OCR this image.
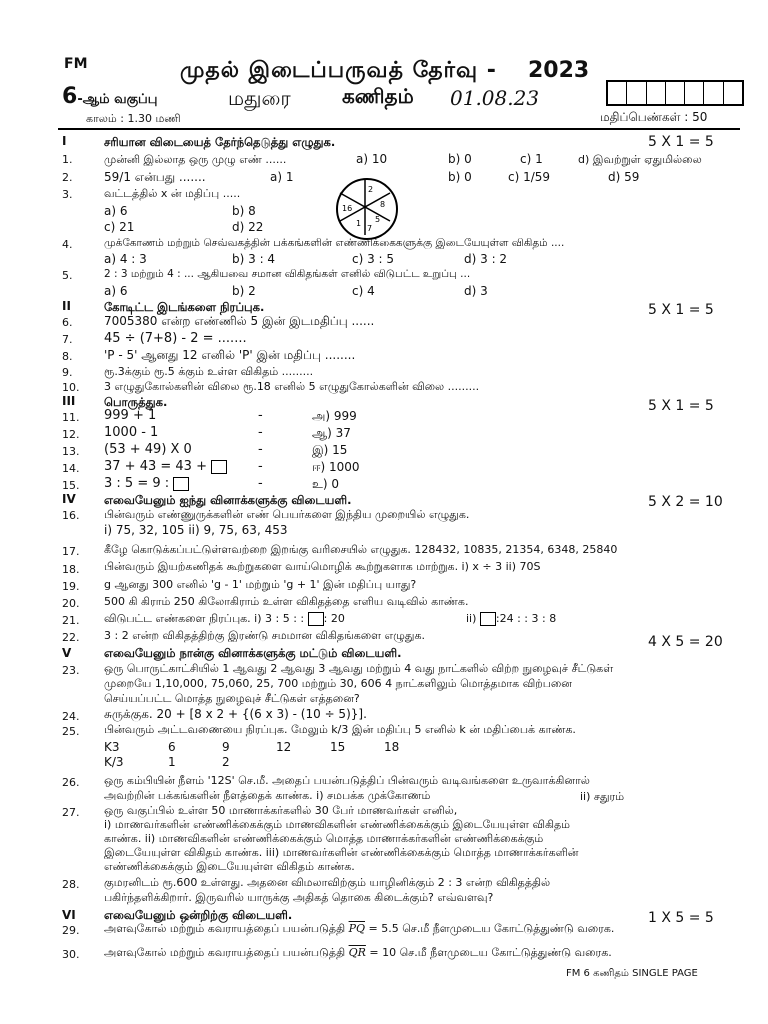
FM	முதல் இடைப்பருவத் தேர்வு - 2023
6-ஆம் வகுப்பு	மதுரை	கணிதம் 01.08.23
காலம் : 1.30 மணி	மதிப்பெண்கள் : 50
I	சரியான விடையைத் தேர்ந்தெடுத்து எழுதுக.	5 X 1 = 5
1.	முன்னி இல்லாத ஒரு முழு எண் ......	a) 10	b) 0	c) 1	d) இவற்றுள் ஏதுமில்லை
2.	59/1 என்பது .......	a) 1	b) 0	c) 1/59	d) 59
3.	வட்டத்தில் x ன் மதிப்பு .....	2
8
5
7
1
16
a) 6	b) 8
c) 21	d) 22
4.	முக்கோணம் மற்றும் செவ்வகத்தின் பக்கங்களின் எண்ணிக்கைகளுக்கு இடையேயுள்ள விகிதம் ....
a) 4 : 3	b) 3 : 4	c) 3 : 5	d) 3 : 2
5.	2 : 3 மற்றும் 4 : ... ஆகியவை சமான விகிதங்கள் எனில் விடுபட்ட உறுப்பு ...
a) 6	b) 2	c) 4	d) 3
II	கோடிட்ட இடங்களை நிரப்புக.	5 X 1 = 5
6.	7005380 என்ற எண்ணில் 5 இன் இடமதிப்பு ......
7. 45 ÷ (7+8) - 2 = .......
8.	'P - 5' ஆனது 12 எனில் 'P' இன் மதிப்பு ........
9.	ரூ.3க்கும் ரூ.5 க்கும் உள்ள விகிதம் .........
10. 3 எழுதுகோல்களின் விலை ரூ.18 எனில் 5 எழுதுகோல்களின் விலை .........
III பொருத்துக.	5 X 1 = 5
11. 999 + 1	-	அ) 999
12. 1000 - 1	-	ஆ) 37
13. (53 + 49) X 0	-	இ) 15
14. 37 + 43 = 43 +	-	ஈ) 1000
15. 3 : 5 = 9 :	-	உ) 0
IV எவையேனும் ஐந்து வினாக்களுக்கு விடையளி.	5 X 2 = 10
16. பின்வரும் எண்ணுருக்களின் எண் பெயர்களை இந்திய முறையில் எழுதுக.
i) 75, 32, 105 ii) 9, 75, 63, 453
17. கீழே கொடுக்கப்பட்டுள்ளவற்றை இறங்கு வரிசையில் எழுதுக. 128432, 10835, 21354, 6348, 25840
18. பின்வரும் இயற்கணிதக் கூற்றுகளை வாய்மொழிக் கூற்றுகளாக மாற்றுக. i) x ÷ 3 ii) 70S
19. g ஆனது 300 எனில் 'g - 1' மற்றும் 'g + 1' இன் மதிப்பு யாது?
20. 500 கி கிராம் 250 கிலோகிராம் உள்ள விகிதத்தை எளிய வடிவில் காண்க.
21. விடுபட்ட எண்களை நிரப்புக. i) 3 : 5 : : : 20	ii) :24 : : 3 : 8
22. 3 : 2 என்ற விகிதத்திற்கு இரண்டு சமமான விகிதங்களை எழுதுக.
V	எவையேனும் நான்கு வினாக்களுக்கு மட்டும் விடையளி.
4 X 5 = 20
23. ஒரு பொருட்காட்சியில் 1 ஆவது 2 ஆவது 3 ஆவது மற்றும் 4 வது நாட்களில் விற்ற நுழைவுச் சீட்டுகள்
முறையே 1,10,000, 75,060, 25, 700 மற்றும் 30, 606 4 நாட்களிலும் மொத்தமாக விற்பனை
செய்யப்பட்ட மொத்த நுழைவுச் சீட்டுகள் எத்தனை?
24. சுருக்குக. 20 + [8 x 2 + {(6 x 3) - (10 ÷ 5)}].
25. பின்வரும் அட்டவணையை நிரப்புக. மேலும் k/3 இன் மதிப்பு 5 எனில் k ன் மதிப்பைக் காண்க.
K3	6	9	12	15	18
K/3	1	2
26. ஒரு கம்பியின் நீளம் '12S' செ.மீ. அதைப் பயன்படுத்திப் பின்வரும் வடிவங்களை உருவாக்கினால்
அவற்றின் பக்கங்களின் நீளத்தைக் காண்க. i) சமபக்க முக்கோணம்	ii) சதுரம்
27. ஒரு வகுப்பில் உள்ள 50 மாணாக்கர்களில் 30 பேர் மாணவர்கள் எனில்,
i) மாணவர்களின் எண்ணிக்கைக்கும் மாணவிகளின் எண்ணிக்கைக்கும் இடையேயுள்ள விகிதம்
காண்க. ii) மாணவிகளின் எண்ணிக்கைக்கும் மொத்த மாணாக்கர்களின் எண்ணிக்கைக்கும்
இடையேயுள்ள விகிதம் காண்க. iii) மாணவர்களின் எண்ணிக்கைக்கும் மொத்த மாணாக்கர்களின்
எண்ணிக்கைக்கும் இடையேயுள்ள விகிதம் காண்க.
28. குமரனிடம் ரூ.600 உள்ளது. அதனை விமலாவிற்கும் யாழினிக்கும் 2 : 3 என்ற விகிதத்தில்
பகிர்ந்தளிக்கிறார். இருவரில் யாருக்கு அதிகத் தொகை கிடைக்கும்? எவ்வளவு?
VI எவையேனும் ஒன்றிற்கு விடையளி.	1 X 5 = 5
29. அளவுகோல் மற்றும் கவராயத்தைப் பயன்படுத்தி $\overline{PQ} = 5.5$ செ.மீ நீளமுடைய கோட்டுத்துண்டு வரைக.
30. அளவுகோல் மற்றும் கவராயத்தைப் பயன்படுத்தி $\overline{QR} = 10$ செ.மீ நீளமுடைய கோட்டுத்துண்டு வரைக.
FM 6 கணிதம் SINGLE PAGE
